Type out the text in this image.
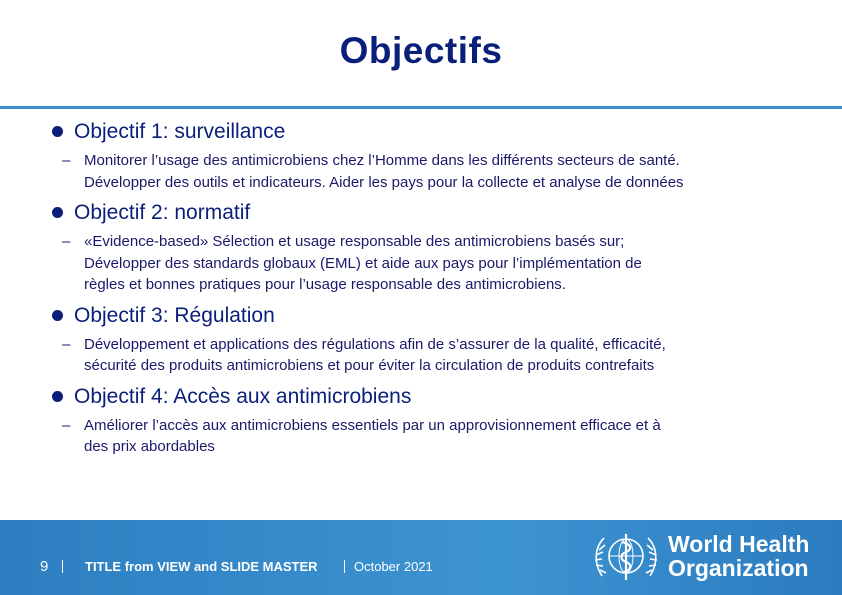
Objectifs
Objectif 1: surveillance
– Monitorer l’usage des antimicrobiens chez l’Homme dans les différents secteurs de santé.
Développer des outils et indicateurs. Aider les pays pour la collecte et analyse de données
Objectif 2: normatif
– «Evidence-based» Sélection et usage responsable des antimicrobiens basés sur;
Développer des standards globaux (EML) et aide aux pays pour l’implémentation de
règles et bonnes pratiques pour l’usage responsable des antimicrobiens.
Objectif 3: Régulation
– Développement et applications des régulations afin de s’assurer de la qualité, efficacité,
sécurité des produits antimicrobiens et pour éviter la circulation de produits contrefaits
Objectif 4: Accès aux antimicrobiens
– Améliorer l’accès aux antimicrobiens essentiels par un approvisionnement efficace et à
des prix abordables
9	TITLE from VIEW and SLIDE MASTER	October 2021
World Health
Organization
